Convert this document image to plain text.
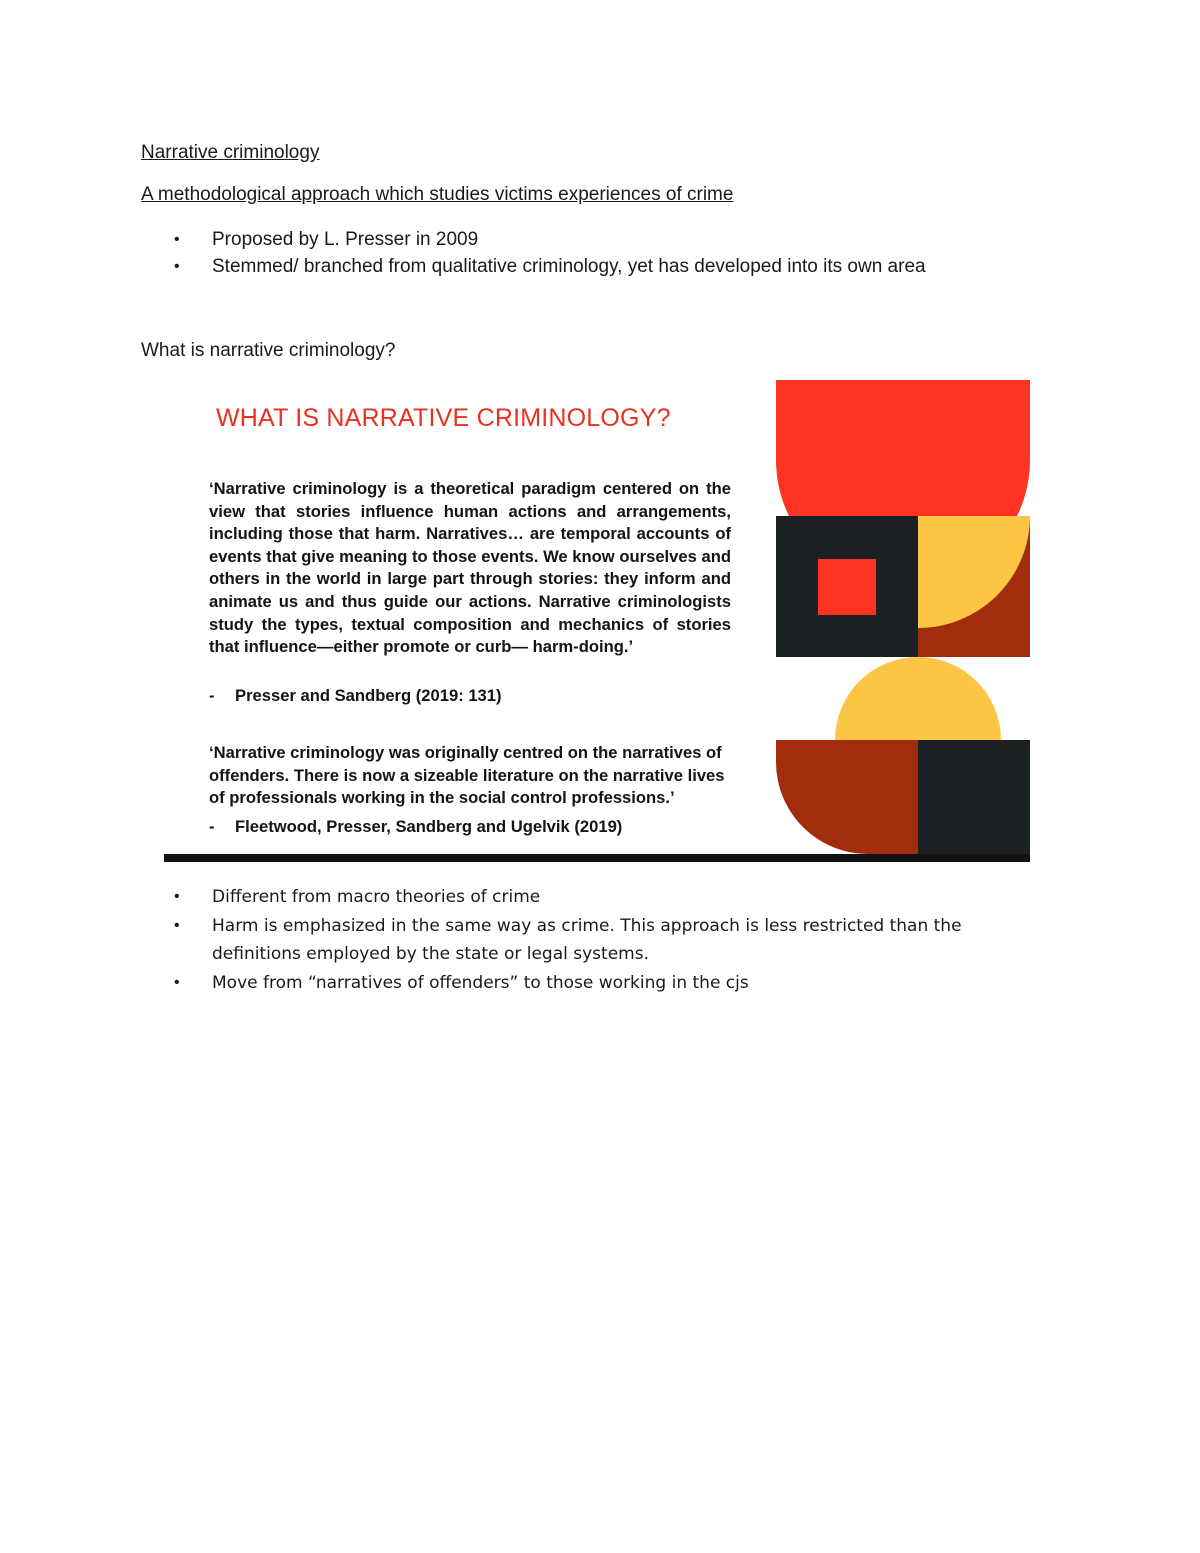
Narrative criminology
A methodological approach which studies victims experiences of crime
• Proposed by L. Presser in 2009
• Stemmed/ branched from qualitative criminology, yet has developed into its own area
What is narrative criminology?
WHAT IS NARRATIVE CRIMINOLOGY?
‘Narrative criminology is a theoretical paradigm centered on the view that stories influence human actions and arrangements, including those that harm. Narratives… are temporal accounts of events that give meaning to those events. We know ourselves and others in the world in large part through stories: they inform and animate us and thus guide our actions. Narrative criminologists study the types, textual composition and mechanics of stories that influence—either promote or curb— harm-doing.’
- Presser and Sandberg (2019: 131)
‘Narrative criminology was originally centred on the narratives of offenders. There is now a sizeable literature on the narrative lives of professionals working in the social control professions.’
- Fleetwood, Presser, Sandberg and Ugelvik (2019)
• Different from macro theories of crime
• Harm is emphasized in the same way as crime. This approach is less restricted than the definitions employed by the state or legal systems.
• Move from “narratives of offenders” to those working in the cjs
